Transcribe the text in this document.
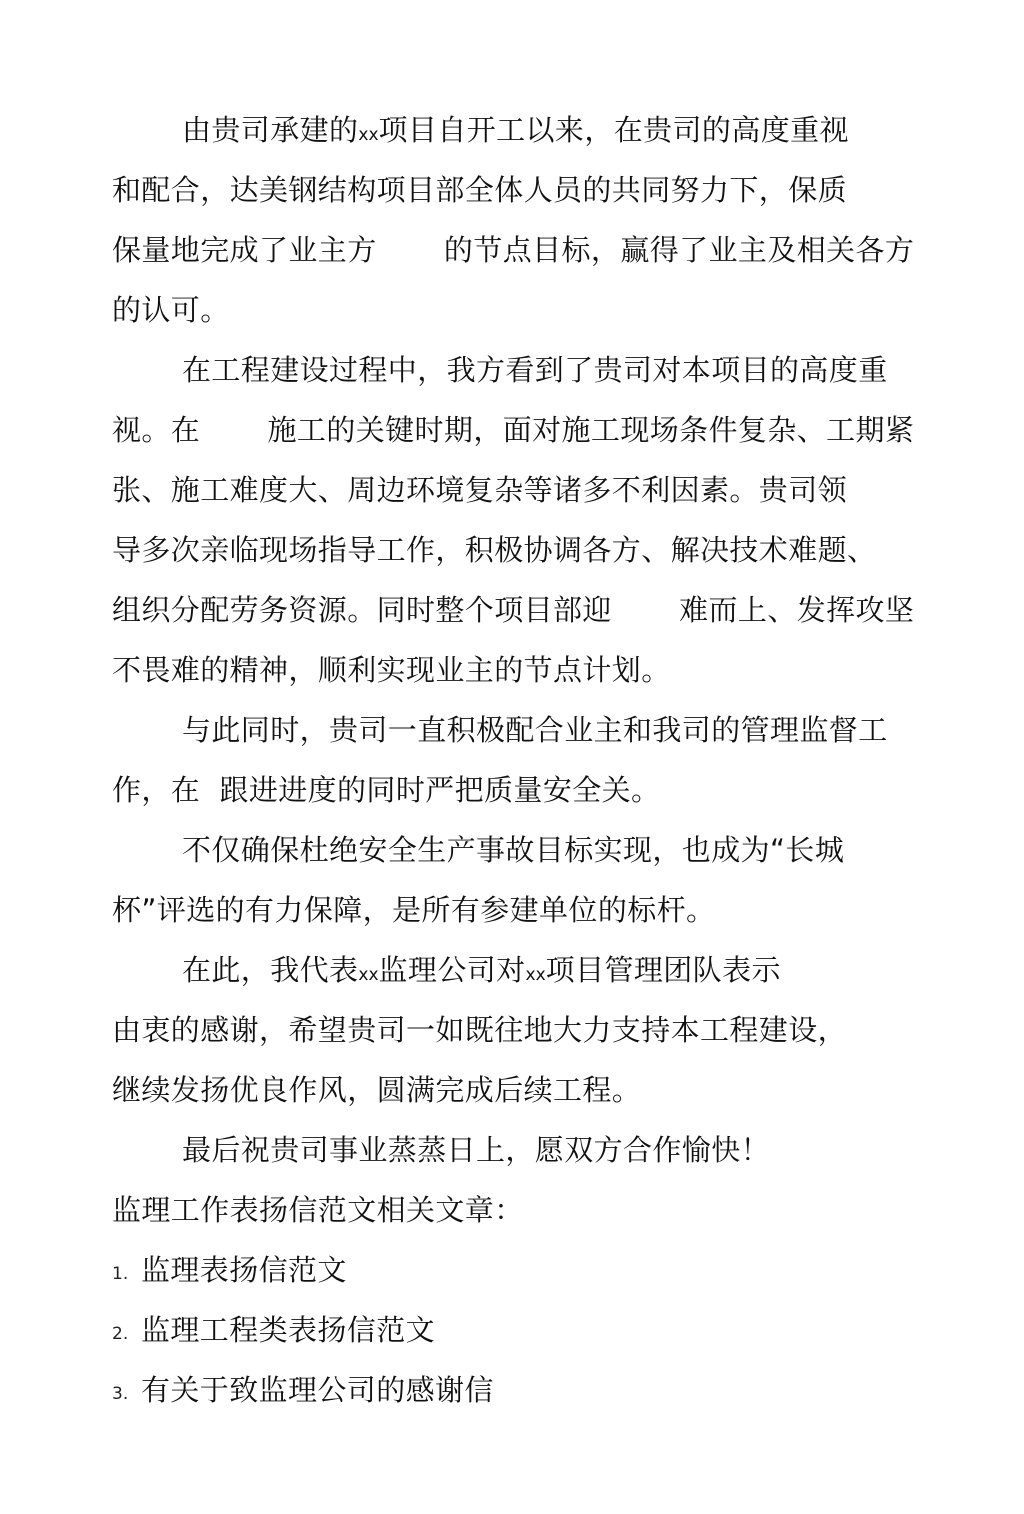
由贵司承建的xx项目自开工以来，在贵司的高度重视
和配合，达美钢结构项目部全体人员的共同努力下，保质
保量地完成了业主方       的节点目标，赢得了业主及相关各方
的认可。
在工程建设过程中，我方看到了贵司对本项目的高度重
视。在       施工的关键时期，面对施工现场条件复杂、工期紧
张、施工难度大、周边环境复杂等诸多不利因素。贵司领
导多次亲临现场指导工作，积极协调各方、解决技术难题、
组织分配劳务资源。同时整个项目部迎       难而上、发挥攻坚
不畏难的精神，顺利实现业主的节点计划。
与此同时，贵司一直积极配合业主和我司的管理监督工
作，在  跟进进度的同时严把质量安全关。
不仅确保杜绝安全生产事故目标实现，也成为“长城
杯”评选的有力保障，是所有参建单位的标杆。
在此，我代表xx监理公司对xx项目管理团队表示
由衷的感谢，希望贵司一如既往地大力支持本工程建设，
继续发扬优良作风，圆满完成后续工程。
最后祝贵司事业蒸蒸日上，愿双方合作愉快！
监理工作表扬信范文相关文章：
1. 监理表扬信范文
2. 监理工程类表扬信范文
3. 有关于致监理公司的感谢信
